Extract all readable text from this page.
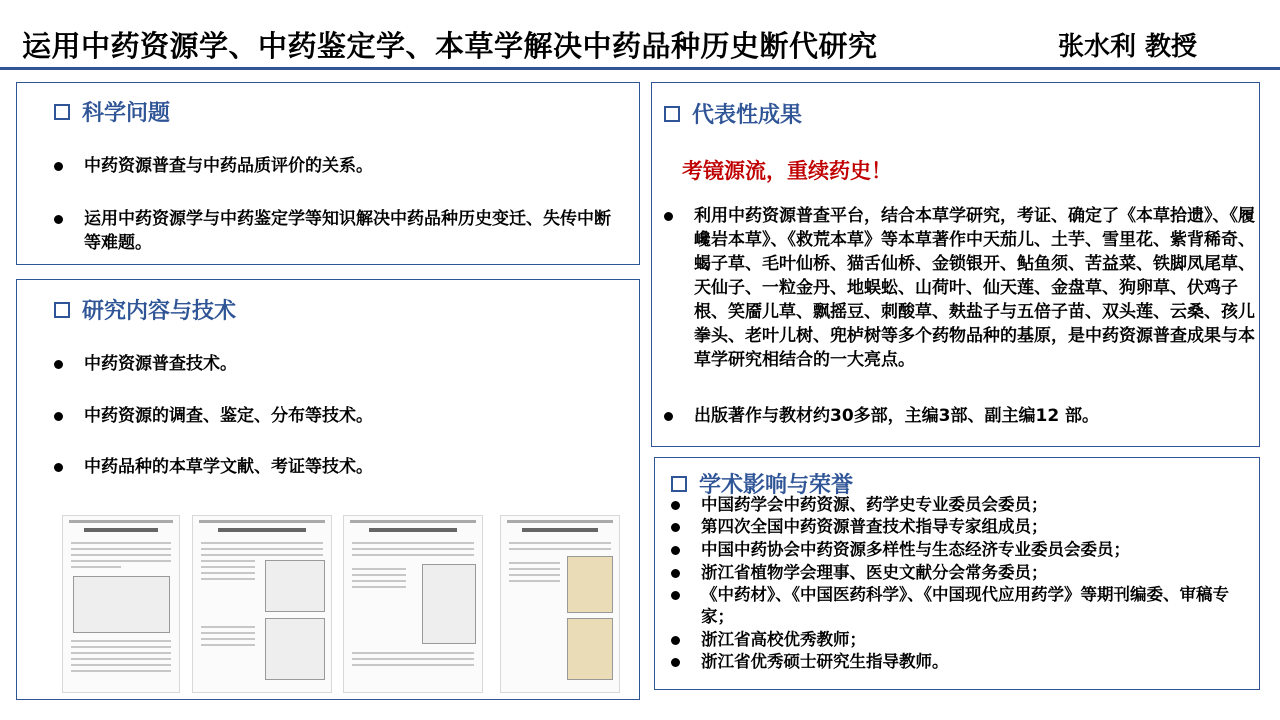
运用中药资源学、中药鉴定学、本草学解决中药品种历史断代研究	张水利 教授
科学问题
中药资源普查与中药品质评价的关系。
运用中药资源学与中药鉴定学等知识解决中药品种历史变迁、失传中断等难题。
研究内容与技术
中药资源普查技术。
中药资源的调查、鉴定、分布等技术。
中药品种的本草学文献、考证等技术。
代表性成果
考镜源流，重续药史！
利用中药资源普查平台，结合本草学研究，考证、确定了《本草拾遗》、《履巉岩本草》、《救荒本草》等本草著作中天茄儿、土芋、雪里花、紫背稀奇、蝎子草、毛叶仙桥、猫舌仙桥、金锁银开、鲇鱼须、苦益菜、铁脚凤尾草、天仙子、一粒金丹、地蜈蚣、山荷叶、仙天莲、金盘草、狗卵草、伏鸡子根、笑靥儿草、飘摇豆、刺酸草、麸盐子与五倍子苗、双头莲、云桑、孩儿拳头、老叶儿树、兜栌树等多个药物品种的基原，是中药资源普查成果与本草学研究相结合的一大亮点。
出版著作与教材约30多部，主编3部、副主编12 部。
学术影响与荣誉
中国药学会中药资源、药学史专业委员会委员；
第四次全国中药资源普查技术指导专家组成员；
中国中药协会中药资源多样性与生态经济专业委员会委员；
浙江省植物学会理事、医史文献分会常务委员；
《中药材》、《中国医药科学》、《中国现代应用药学》等期刊编委、审稿专家；
浙江省高校优秀教师；
浙江省优秀硕士研究生指导教师。
